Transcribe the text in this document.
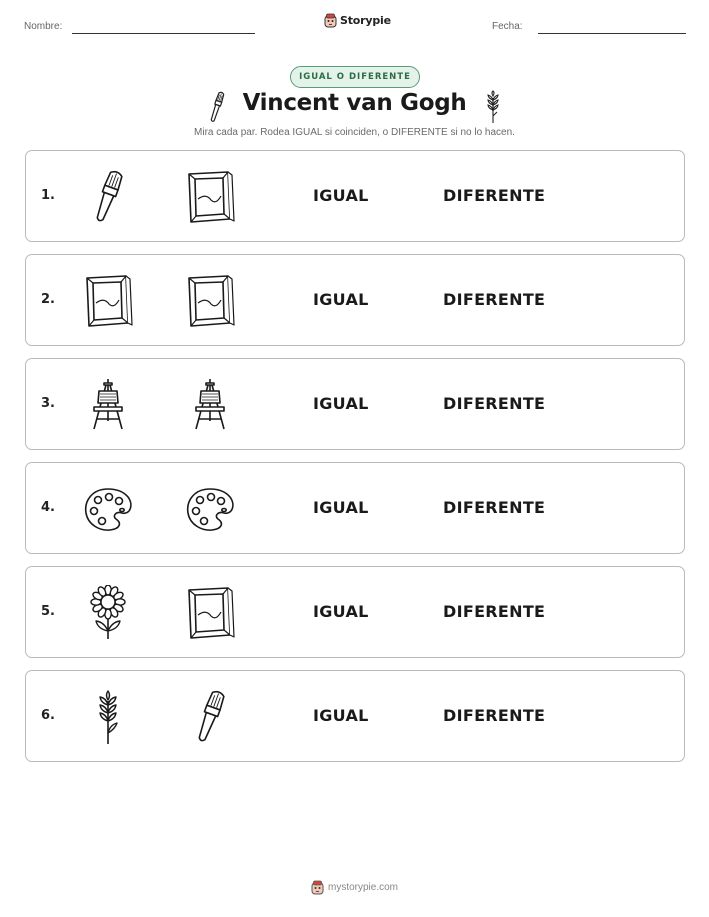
Nombre:	Storypie	Fecha:
IGUAL O DIFERENTE
Vincent van Gogh
Mira cada par. Rodea IGUAL si coinciden, o DIFERENTE si no lo hacen.
1.	IGUAL	DIFERENTE
2.	IGUAL	DIFERENTE
3.	IGUAL	DIFERENTE
4.	IGUAL	DIFERENTE
5.	IGUAL	DIFERENTE
6.	IGUAL	DIFERENTE
mystorypie.com
